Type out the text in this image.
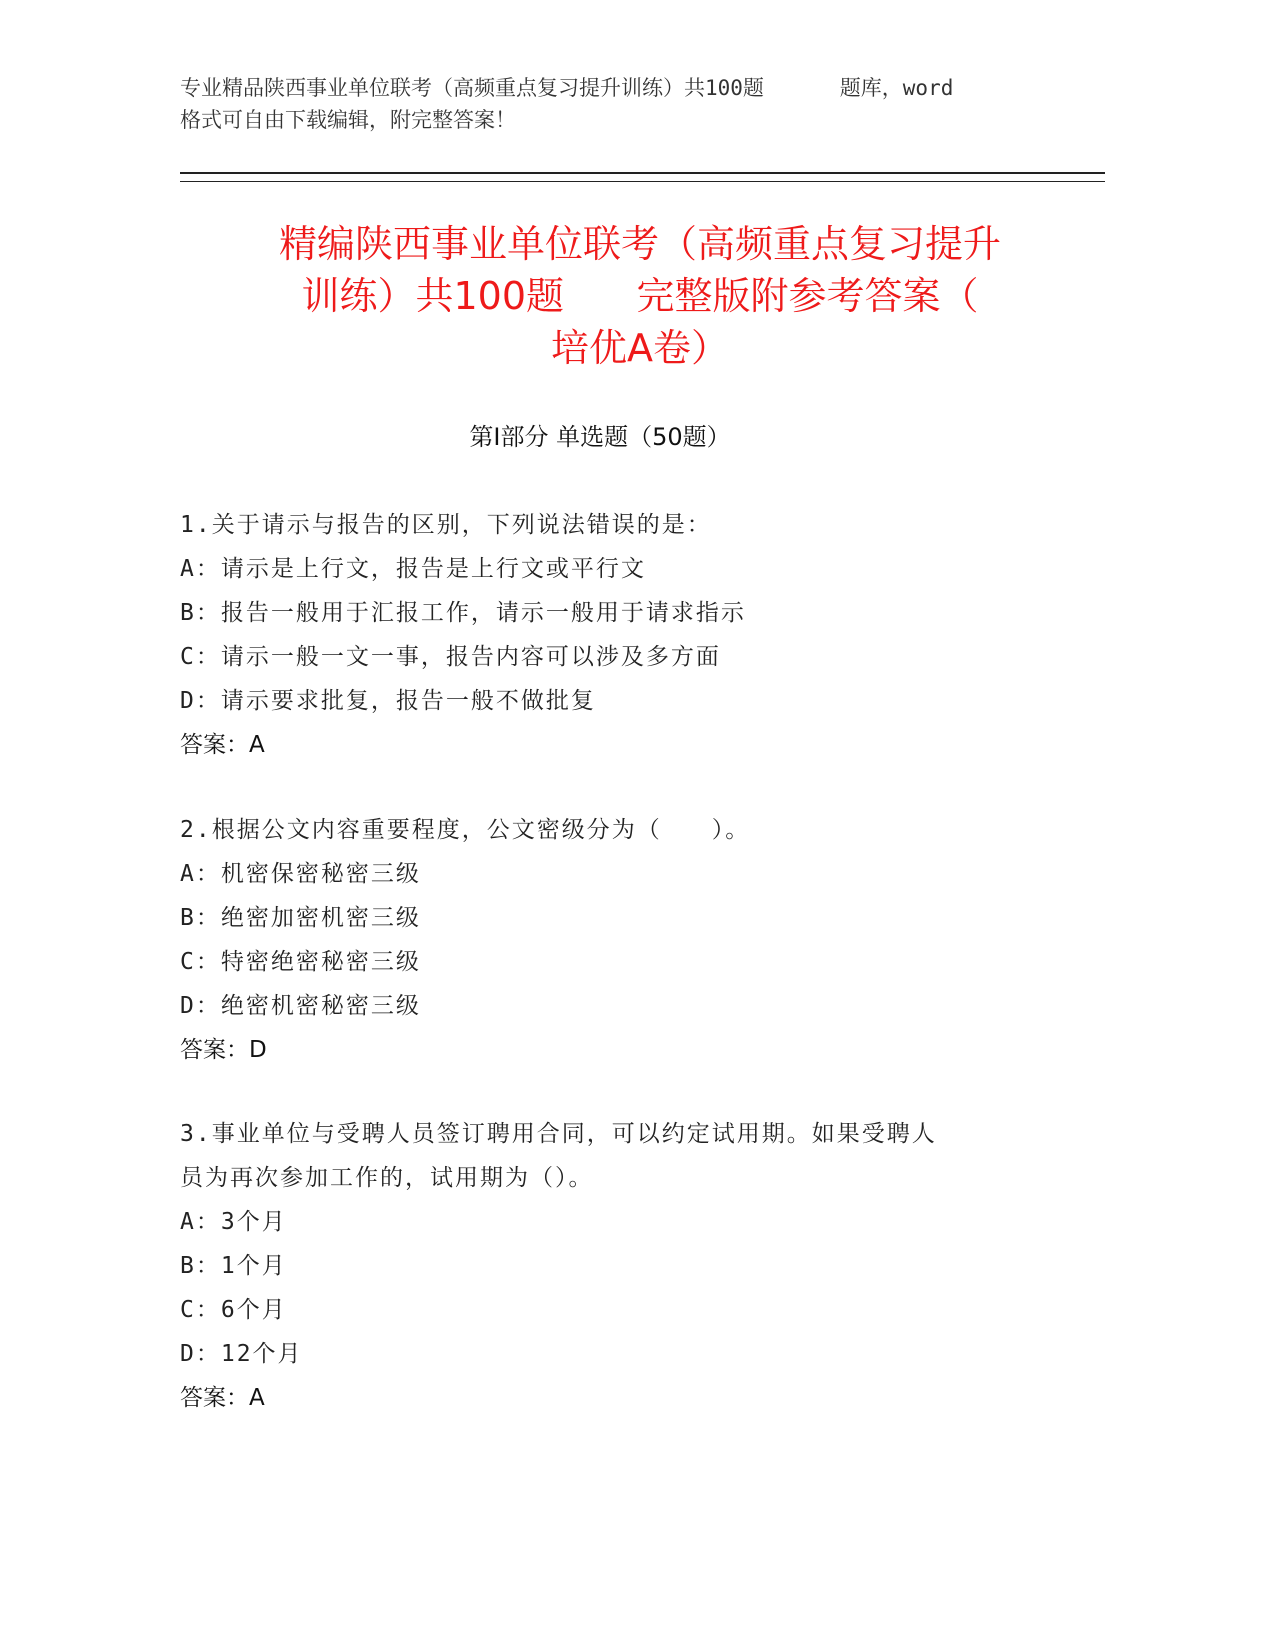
专业精品陕西事业单位联考（高频重点复习提升训练）共100题      题库，word
格式可自由下载编辑，附完整答案！
精编陕西事业单位联考（高频重点复习提升
训练）共100题      完整版附参考答案（
培优A卷）
第Ⅰ部分 单选题（50题）
1.关于请示与报告的区别，下列说法错误的是：
A：请示是上行文，报告是上行文或平行文
B：报告一般用于汇报工作，请示一般用于请求指示
C：请示一般一文一事，报告内容可以涉及多方面
D：请示要求批复，报告一般不做批复
答案：A
2.根据公文内容重要程度，公文密级分为（　　）。
A：机密保密秘密三级
B：绝密加密机密三级
C：特密绝密秘密三级
D：绝密机密秘密三级
答案：D
3.事业单位与受聘人员签订聘用合同，可以约定试用期。如果受聘人
员为再次参加工作的，试用期为（）。
A：3个月
B：1个月
C：6个月
D：12个月
答案：A
